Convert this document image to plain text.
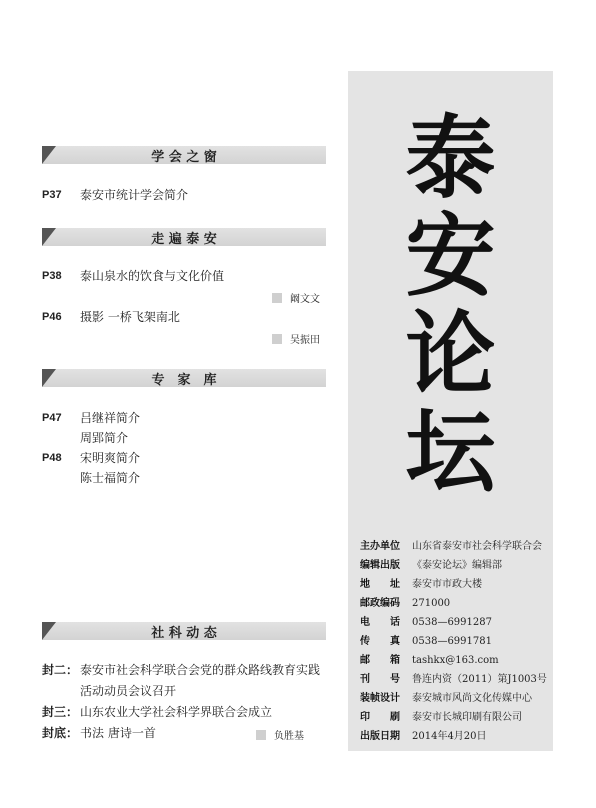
学 会 之 窗
P37 泰安市统计学会简介
走 遍 泰 安
P38 泰山泉水的饮食与文化价值
阚文文
P46 摄影 一桥飞架南北
吴振田
专　家　库
P47 吕继祥简介
周郢简介
P48 宋明爽简介
陈士福简介
社 科 动 态
封二： 泰安市社会科学联合会党的群众路线教育实践
活动动员会议召开
封三： 山东农业大学社会科学界联合会成立
封底： 书法 唐诗一首	负胜基
泰
安
论
坛
主办单位	山东省泰安市社会科学联合会
编辑出版	《泰安论坛》编辑部
地　　址	泰安市市政大楼
邮政编码	271000
电　　话	0538—6991287
传　　真	0538—6991781
邮　　箱	tashkx@163.com
刊　　号	鲁连内资（2011）第J1003号
装帧设计	泰安城市风尚文化传媒中心
印　　刷	泰安市长城印刷有限公司
出版日期	2014年4月20日
